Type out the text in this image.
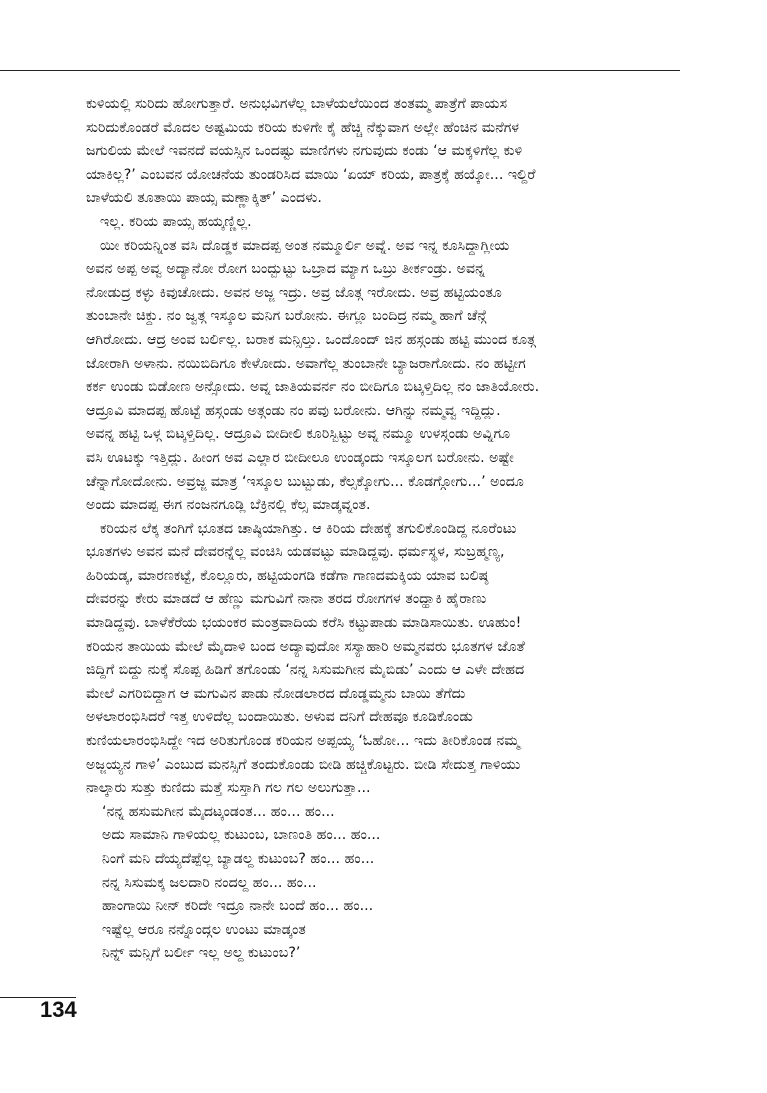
ಕುಳಿಯಲ್ಲಿ ಸುರಿದು ಹೋಗುತ್ತಾರೆ. ಅನುಭವಿಗಳೆಲ್ಲ ಬಾಳೆಯಲೆಯಿಂದ ತಂತಮ್ಮ ಪಾತ್ರೆಗೆ ಪಾಯಸ
ಸುರಿದುಕೊಂಡರೆ ಮೊದಲ ಅಷ್ಟಮಿಯ ಕರಿಯ ಕುಳಿಗೇ ಕೈ ಹೆಚ್ಚಿ ನೆಕ್ಕುವಾಗ ಅಲ್ಲೇ ಹೆಂಚಿನ ಮನೆಗಳ
ಜಗುಲಿಯ ಮೇಲೆ ಇವನದೆ ವಯಸ್ಸಿನ ಒಂದಷ್ಟು ಮಾಣಿಗಳು ನಗುವುದು ಕಂಡು ‘ಆ ಮಕ್ಕಳಿಗೆಲ್ಲ ಕುಳಿ
ಯಾಕಿಲ್ಲ?’ ಎಂಬವನ ಯೋಚನೆಯ ತುಂಡರಿಸಿದ ಮಾಯಿ ‘ಏಯ್ ಕರಿಯ, ಪಾತ್ರಕ್ಕೆ ಹಯ್ಕೋ... ಇಲ್ದಿರೆ
ಬಾಳೆಯಲಿ ತೂತಾಯಿ ಪಾಯ್ಸ ಮಣ್ಣಾಕ್ಕಿತ್’ ಎಂದಳು.
ಇಲ್ಲ. ಕರಿಯ ಪಾಯ್ಸ ಹಯ್ಕಣ್ಣಿಲ್ಲ.
ಯೀ ಕರಿಯನ್ನಿಂತ ವಸಿ ದೊಡ್ಡಕ ಮಾದಪ್ಪ ಅಂತ ನಮ್ಮೂರ್ಲಿ ಅವ್ನೆ. ಅವ ಇನ್ನ ಕೂಸಿದ್ದಾಗ್ಲೀಯ
ಅವನ ಅಪ್ಪ ಅವ್ವ ಅದ್ಯಾನೋ ರೋಗ ಬಂದ್ಬುಟ್ಟು ಒಬ್ರಾದ ಮ್ಯಾಗ ಒಬ್ರು ತೀರ್ಕಂಡ್ರು. ಅವನ್ನ
ನೋಡುದ್ರ ಕಳ್ಳು ಕಿವುಚೋದು. ಅವನ ಅಜ್ಜ ಇದ್ರು. ಅವ್ರ ಜೊತ್ಗ ಇರೋದು. ಅವ್ರ ಹಟ್ಟಿಯಂತೂ
ತುಂಬಾನೇ ಚಿಕ್ದು. ನಂ ಜ್ವತ್ಗ ಇಸ್ಕೂಲ ಮನಿಗ ಬರೋನು. ಈಗ್ಲೂ ಬಂದಿದ್ರ ನಮ್ಮ ಹಾಗೆ ಚೆನ್ಗೆ
ಆಗಿರೋದು. ಆದ್ರ ಅಂವ ಬರ್ಲಿಲ್ಲ. ಬರಾಕ ಮನ್ಸಿಲ್ತು. ಒಂದೊಂದ್ ಜಿನ ಹಸ್ಗಂಡು ಹಟ್ಟಿ ಮುಂದ ಕೂತ್ಗ
ಜೋರಾಗಿ ಅಳಾನು. ನಯಿಬಿದಿಗೂ ಕೇಳೋದು. ಅವಾಗೆಲ್ಲ ತುಂಬಾನೇ ಬ್ಯಾಜರಾಗೋದು. ನಂ ಹಟ್ಟೀಗ
ಕರ್ಕ ಉಂಡು ಬಿಡೋಣ ಅನ್ಸೋದು. ಅವ್ನ ಜಾತಿಯವರ್ನ ನಂ ಬೀದಿಗೂ ಬಿಟ್ಕಳ್ತಿದಿಲ್ಲ ನಂ ಜಾತಿಯೋರು.
ಆದ್ರೂವಿ ಮಾದಪ್ಪ ಹೊಟ್ಟೆ ಹಸ್ಗಂಡು ಅತ್ಗಂಡು ನಂ ಪವು ಬರೋನು. ಆಗಿನ್ನು ನಮ್ಮವ್ವ ಇದ್ದಿದ್ಲು.
ಅವನ್ನ ಹಟ್ಟಿ ಒಳ್ಗ ಬಿಟ್ಕಳ್ತಿದಿಲ್ಲ. ಆದ್ರೂವಿ ಬೀದೀಲಿ ಕೂರಿಸ್ಬಿಟ್ಟು ಅವ್ನ ನಮ್ಮೂ ಉಳಸ್ಗಂಡು ಅವ್ನಿಗೂ
ವಸಿ ಊಟಕ್ಕು ಇತ್ತಿದ್ಲು. ಹೀಂಗ ಅವ ಎಲ್ಲಾರ ಬೀದೀಲೂ ಉಂಡ್ಕಂದು ಇಸ್ಕೂಲಗ ಬರೋನು. ಅಷ್ಟೇ
ಚೆನ್ನಾಗೋದೋನು. ಅವ್ರಜ್ಜ ಮಾತ್ರ ‘ಇಸ್ಕೂಲ ಬುಟ್ಬುಡು, ಕೆಲ್ಸಕ್ಕೋಗು... ಕೊಡಗ್ಗೋಗು...’ ಅಂದೂ
ಅಂದು ಮಾದಪ್ಪ ಈಗ ನಂಜನಗೂಡ್ಲಿ ಬೆಕ್ರಿನಲ್ಲಿ ಕೆಲ್ಸ ಮಾಡ್ಕವ್ನಂತ.
ಕರಿಯನ ಲೆಕ್ಕ ತಂಗಿಗೆ ಭೂತದ ಚಾಷ್ಠಿಯಾಗಿತ್ತು. ಆ ಕಿರಿಯ ದೇಹಕ್ಕೆ ತಗುಲಿಕೊಂಡಿದ್ದ ನೂರೆಂಟು
ಭೂತಗಳು ಅವನ ಮನೆ ದೇವರನ್ನೆಲ್ಲ ವಂಚಿಸಿ ಯಡವಟ್ಟು ಮಾಡಿದ್ದವು. ಧರ್ಮಸ್ಥಳ, ಸುಬ್ರಹ್ಮಣ್ಯ,
ಹಿರಿಯಡ್ಕ, ಮಾರಣಕಟ್ಟೆ, ಕೊಲ್ಲೂರು, ಹಟ್ಟಿಯಂಗಡಿ ಕಡೆಗಾ ಗಾಣದಮಕ್ಕಿಯ ಯಾವ ಬಲಿಷ್ಠ
ದೇವರನ್ನು ಕೇರು ಮಾಡದೆ ಆ ಹೆಣ್ಣು ಮಗುವಿಗೆ ನಾನಾ ತರದ ರೋಗಗಳ ತಂದ್ಹಾಕಿ ಹೈರಾಣು
ಮಾಡಿದ್ದವು. ಬಾಳೆಕೆರೆಯ ಭಯಂಕರ ಮಂತ್ರವಾದಿಯ ಕರೆಸಿ ಕಟ್ಟುಪಾಡು ಮಾಡಿಸಾಯಿತು. ಊಹುಂ!
ಕರಿಯನ ತಾಯಿಯ ಮೇಲೆ ಮೈದಾಳಿ ಬಂದ ಅದ್ಯಾವುದೋ ಸಸ್ಯಾಹಾರಿ ಅಮ್ಮನವರು ಭೂತಗಳ ಜೊತೆ
ಜಿದ್ದಿಗೆ ಬಿದ್ದು ನುಕ್ಕೆ ಸೊಪ್ಪ ಹಿಡಿಗೆ ತಗೊಂಡು ‘ನನ್ನ ಸಿಸುಮಗೀನ ಮೈಬಿಡು’ ಎಂದು ಆ ಎಳೇ ದೇಹದ
ಮೇಲೆ ಎಗರಿಬಿದ್ದಾಗ ಆ ಮಗುವಿನ ಪಾಡು ನೋಡಲಾರದ ದೊಡ್ಡಮ್ಮನು ಬಾಯಿ ತೆಗೆದು
ಅಳಲಾರಂಭಿಸಿದರೆ ಇತ್ತ ಉಳಿದೆಲ್ಲ ಬಂದಾಯಿತು. ಅಳುವ ದನಿಗೆ ದೇಹವೂ ಕೂಡಿಕೊಂಡು
ಕುಣಿಯಲಾರಂಭಿಸಿದ್ದೇ ಇದ ಅರಿತುಗೊಂಡ ಕರಿಯನ ಅಪ್ಪಯ್ಯ ‘ಓಹೋ... ಇದು ತೀರಿಕೊಂಡ ನಮ್ಮ
ಅಜ್ಜಯ್ಯನ ಗಾಳಿ’ ಎಂಬುದ ಮನಸ್ಸಿಗೆ ತಂದುಕೊಂಡು ಬೀಡಿ ಹಚ್ಚಿಕೊಟ್ಟರು. ಬೀಡಿ ಸೇದುತ್ತ ಗಾಳಿಯು
ನಾಲ್ಕಾರು ಸುತ್ತು ಕುಣಿದು ಮತ್ತೆ ಸುಸ್ತಾಗಿ ಗಲ ಗಲ ಅಲುಗುತ್ತಾ...
‘ನನ್ನ ಹಸುಮಗೀನ ಮೈದಟ್ಕಂಡಂತ... ಹಂ... ಹಂ...
ಅದು ಸಾಮಾನಿ ಗಾಳಿಯಲ್ಲ ಕುಟುಂಬ, ಬಾಣಂತಿ ಹಂ... ಹಂ...
ನಿಂಗೆ ಮನಿ ದೆಯ್ಯದೆಪ್ಪೆಲ್ಲ ಬ್ಯಾಡಲ್ದ ಕುಟುಂಬ? ಹಂ... ಹಂ...
ನನ್ನ ಸಿಸುಮಕ್ಕ ಜಲದಾರಿ ನಂದಲ್ದ ಹಂ... ಹಂ...
ಹಾಂಗಾಯಿ ನೀನ್ ಕರಿದೇ ಇದ್ರೂ ನಾನೇ ಬಂದೆ ಹಂ... ಹಂ...
ಇಷ್ಟೆಲ್ಲ ಆರೂ ನನ್ನೊಂದ್ಗಲ ಉಂಟು ಮಾಡ್ಕಂತ
ನಿನ್ನ್ ಮನ್ಸಿಗೆ ಬರ್ಲೀ ಇಲ್ಲ ಅಲ್ದ ಕುಟುಂಬ?’
134
